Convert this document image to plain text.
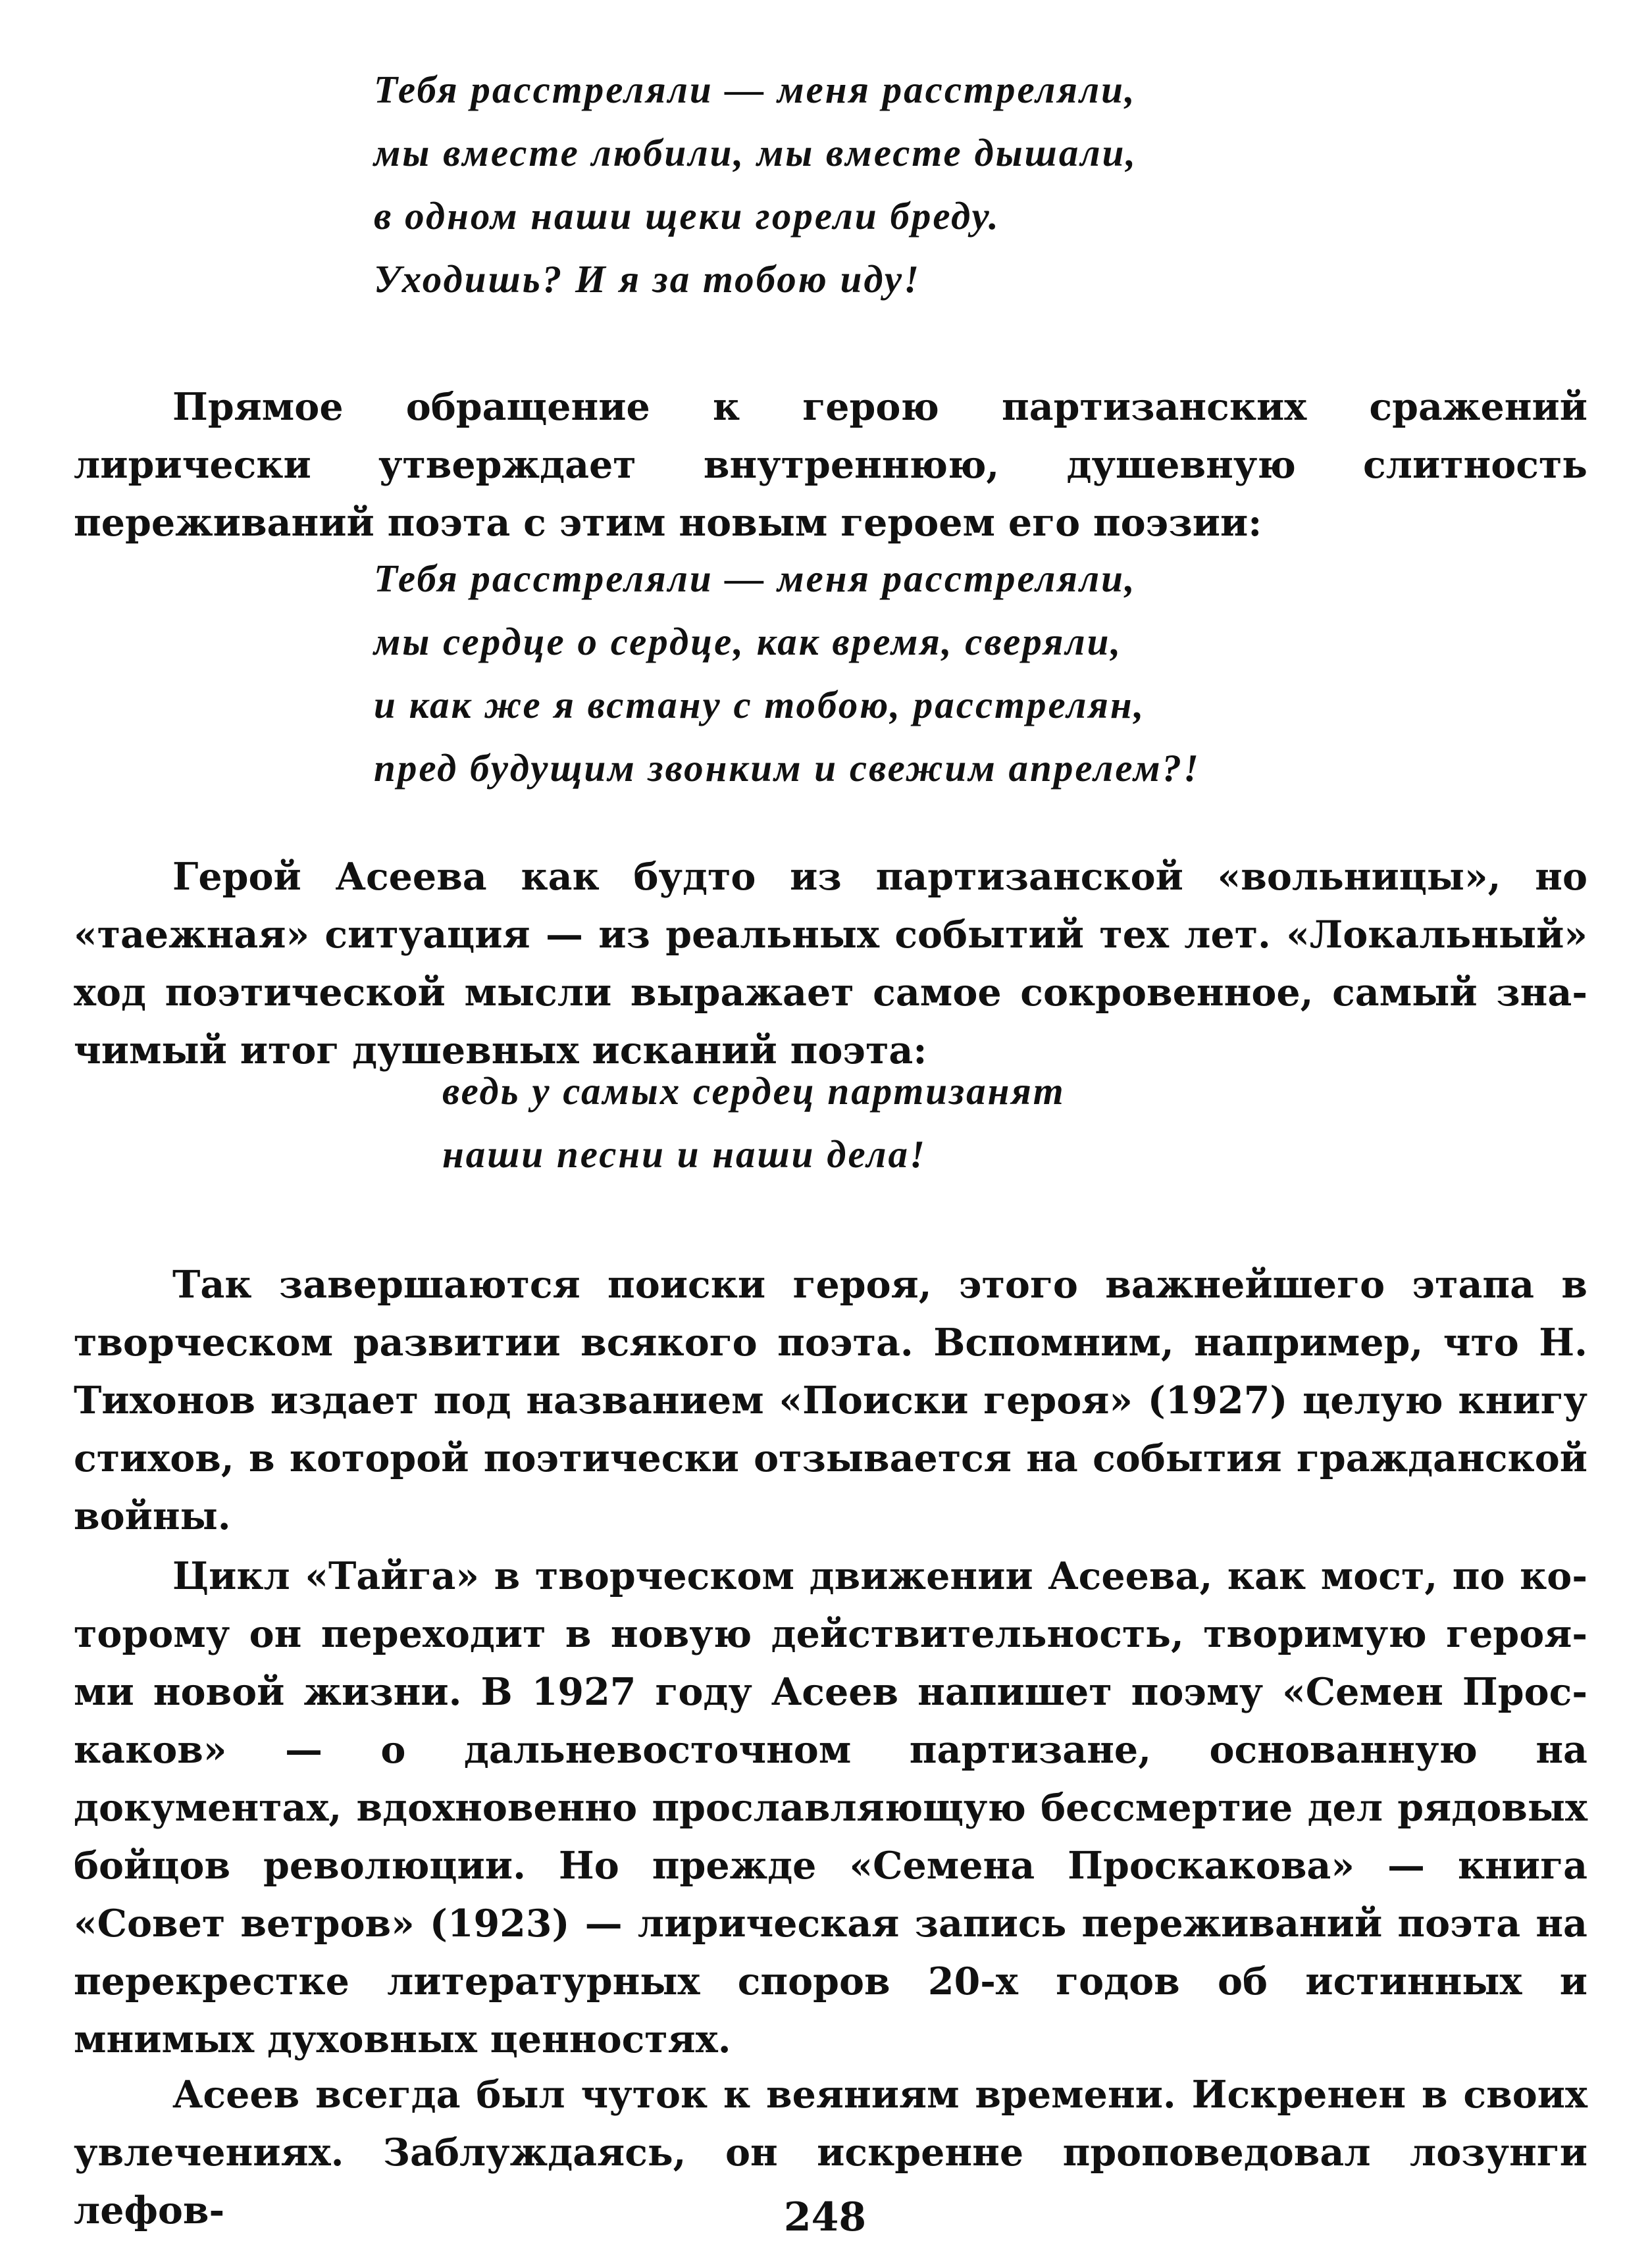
Тебя расстреляли — меня расстреляли,
мы вместе любили, мы вместе дышали,
в одном наши щеки горели бреду.
Уходишь? И я за тобою иду!

Прямое обращение к герою партизанских сражений лирически утверждает внутреннюю, душевную слитность переживаний поэта с этим новым героем его поэзии:

Тебя расстреляли — меня расстреляли,
мы сердце о сердце, как время, сверяли,
и как же я встану с тобою, расстрелян,
пред будущим звонким и свежим апрелем?!

Герой Асеева как будто из партизанской «вольницы», но «таежная» ситуация — из реальных событий тех лет. «Локальный» ход поэтической мысли выражает самое сокровенное, самый значимый итог душевных исканий поэта:

ведь у самых сердец партизанят
наши песни и наши дела!

Так завершаются поиски героя, этого важнейшего этапа в творческом развитии всякого поэта. Вспомним, например, что Н. Тихонов издает под названием «Поиски героя» (1927) целую книгу стихов, в которой поэтически отзывается на события гражданской войны.

Цикл «Тайга» в творческом движении Асеева, как мост, по которому он переходит в новую действительность, творимую героями новой жизни. В 1927 году Асеев напишет поэму «Семен Проскаков» — о дальневосточном партизане, основанную на документах, вдохновенно прославляющую бессмертие дел рядовых бойцов революции. Но прежде «Семена Проскакова» — книга «Совет ветров» (1923) — лирическая запись переживаний поэта на перекрестке литературных споров 20-х годов об истинных и мнимых духовных ценностях.

Асеев всегда был чуток к веяниям времени. Искренен в своих увлечениях. Заблуждаясь, он искренне проповедовал лозунги лефов-	248
